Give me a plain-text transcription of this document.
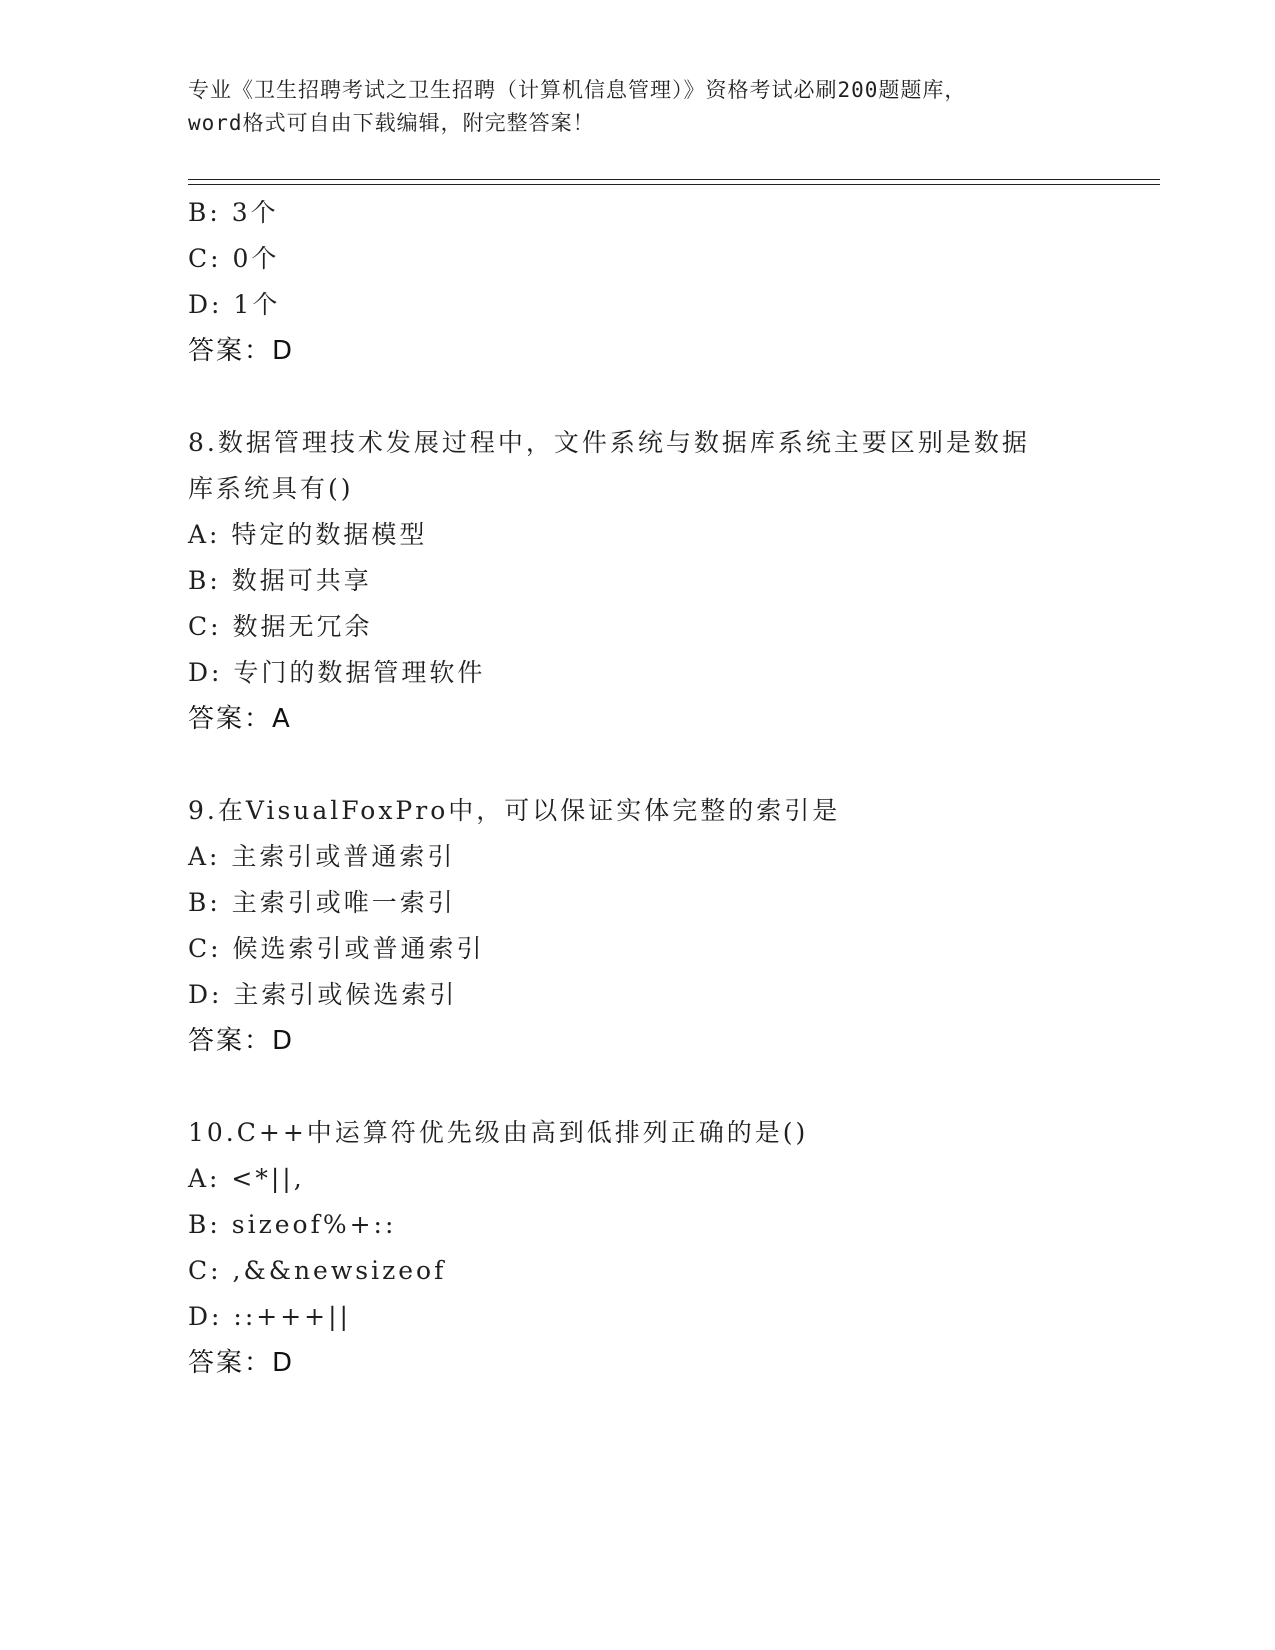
专业《卫生招聘考试之卫生招聘（计算机信息管理）》资格考试必刷200题题库，
word格式可自由下载编辑，附完整答案！
B: 3个
C: 0个
D: 1个
答案：D
8.数据管理技术发展过程中，文件系统与数据库系统主要区别是数据
库系统具有()
A: 特定的数据模型
B: 数据可共享
C: 数据无冗余
D: 专门的数据管理软件
答案：A
9.在VisualFoxPro中，可以保证实体完整的索引是
A: 主索引或普通索引
B: 主索引或唯一索引
C: 候选索引或普通索引
D: 主索引或候选索引
答案：D
10.C++中运算符优先级由高到低排列正确的是()
A: <*||,
B: sizeof%+::
C: ,&&newsizeof
D: ::+++||
答案：D
